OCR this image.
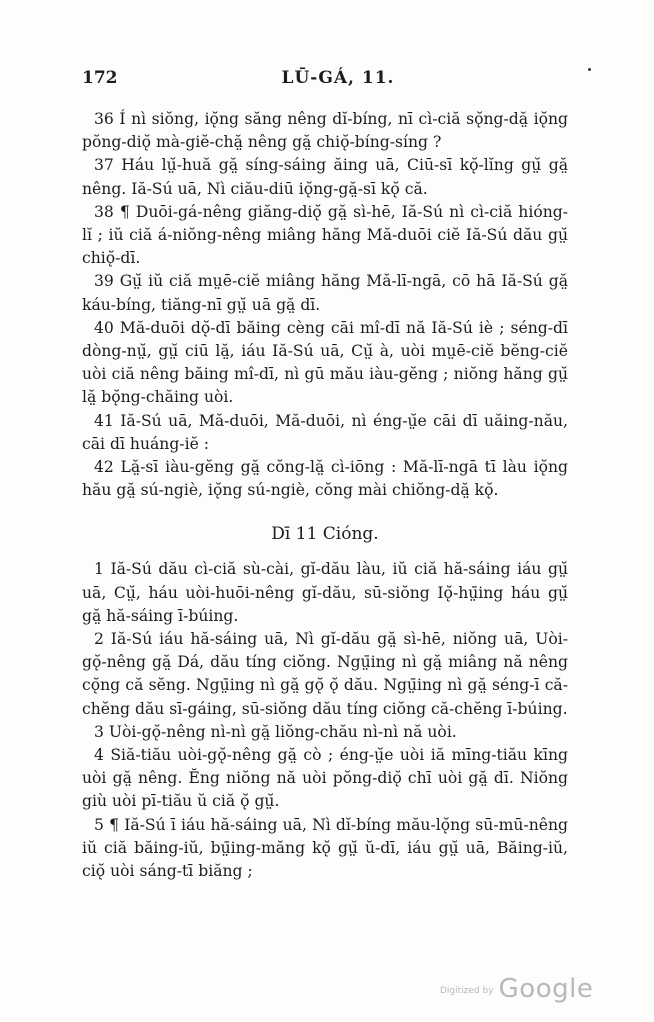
172	LŪ-GÁ, 11.

36 Í nì siŏng, iǫ̆ng săng nêng dĭ-bíng, nī cì-ciă sǫ̆ng-dă̤ iǫ̆ng pŏng-diǫ̆ mà-giĕ-chă̤ nêng gă̤ chiǫ̆-bíng-síng ?

37 Háu lṳ̆-huă gă̤ síng-sáing ăing uā, Ciū-sī kǫ̆-lĭng gṳ̆ gă̤ nêng. Iă-Sú uā, Nì ciău-diū iǫ̆ng-gă̤-sī kǫ̆ că.

38 ¶ Duōi-gá-nêng giăng-diǫ̆ gă̤ sì-hē, Iă-Sú nì cì-ciă hióng-lĭ ; iŭ ciă á-niŏng-nêng miâng hăng Mă-duōi ciĕ Iă-Sú dău gṳ̆ chiǫ̆-dī.

39 Gṳ̆ iŭ ciă mṳē-ciĕ miâng hăng Mă-lī-ngā, cō hā Iă-Sú gă̤ káu-bíng, tiăng-nī gṳ̆ uā gă̤ dī.

40 Mă-duōi dǫ̆-dī băing cèng cāi mî-dī nă Iă-Sú iè ; séng-dī dòng-nṳ̆, gṳ̆ ciū lă̤, iáu Iă-Sú uā, Cṳ̆ à, uòi mṳē-ciĕ bĕng-ciĕ uòi ciă nêng băing mî-dī, nì gū mău iàu-gĕng ; niŏng hăng gṳ̆ lă̤ bǫ̆ng-chăing uòi.

41 Iă-Sú uā, Mă-duōi, Mă-duōi, nì éng-ṳ̆e cāi dī uăing-nău, cāi dī huáng-iĕ :

42 Lă̤-sī iàu-gĕng gă̤ cŏng-lă̤ cì-iōng : Mă-lī-ngā tī làu iǫ̆ng hău gă̤ sú-ngiè, iǫ̆ng sú-ngiè, cŏng mài chiŏng-dă̤ kǫ̆.

Dī 11 Cióng.

1 Iă-Sú dău cì-ciă sù-cài, gĭ-dău làu, iŭ ciă hă-sáing iáu gṳ̆ uā, Cṳ̆, háu uòi-huōi-nêng gĭ-dău, sū-siŏng Iǫ̆-hṳ̄ing háu gṳ̆ gă̤ hă-sáing ī-búing.

2 Iă-Sú iáu hă-sáing uā, Nì gĭ-dău gă̤ sì-hē, niŏng uā, Uòi-gǫ̆-nêng gă̤ Dá, dău tíng ciŏng. Ngṳ̄ing nì gă̤ miâng nă nêng cǫ̆ng că sĕng. Ngṳ̄ing nì gă̤ gǫ̆ ǫ̆ dău. Ngṳ̄ing nì gă̤ séng-ī că-chĕng dău sī-gáing, sū-siŏng dău tíng ciŏng că-chĕng ī-búing.

3 Uòi-gǫ̆-nêng nì-nì gă̤ liŏng-chău nì-nì nă uòi.

4 Siă-tiău uòi-gǫ̆-nêng gă̤ cò ; éng-ṳ̆e uòi iă mīng-tiău kīng uòi gă̤ nêng. Ĕng niŏng nă uòi pŏng-diǫ̆ chī uòi gă̤ dī. Niŏng giù uòi pī-tiău ŭ ciă ǫ̆ gṳ̆.

5 ¶ Iă-Sú ī iáu hă-sáing uā, Nì dĭ-bíng mău-lǫ̆ng sū-mū-nêng iŭ ciă băing-iŭ, bṳ̄ing-măng kǫ̆ gṳ̆ ŭ-dī, iáu gṳ̆ uā, Băing-iŭ, ciǫ̆ uòi sáng-tī biăng ;

$^{Digitized by}$ Google
